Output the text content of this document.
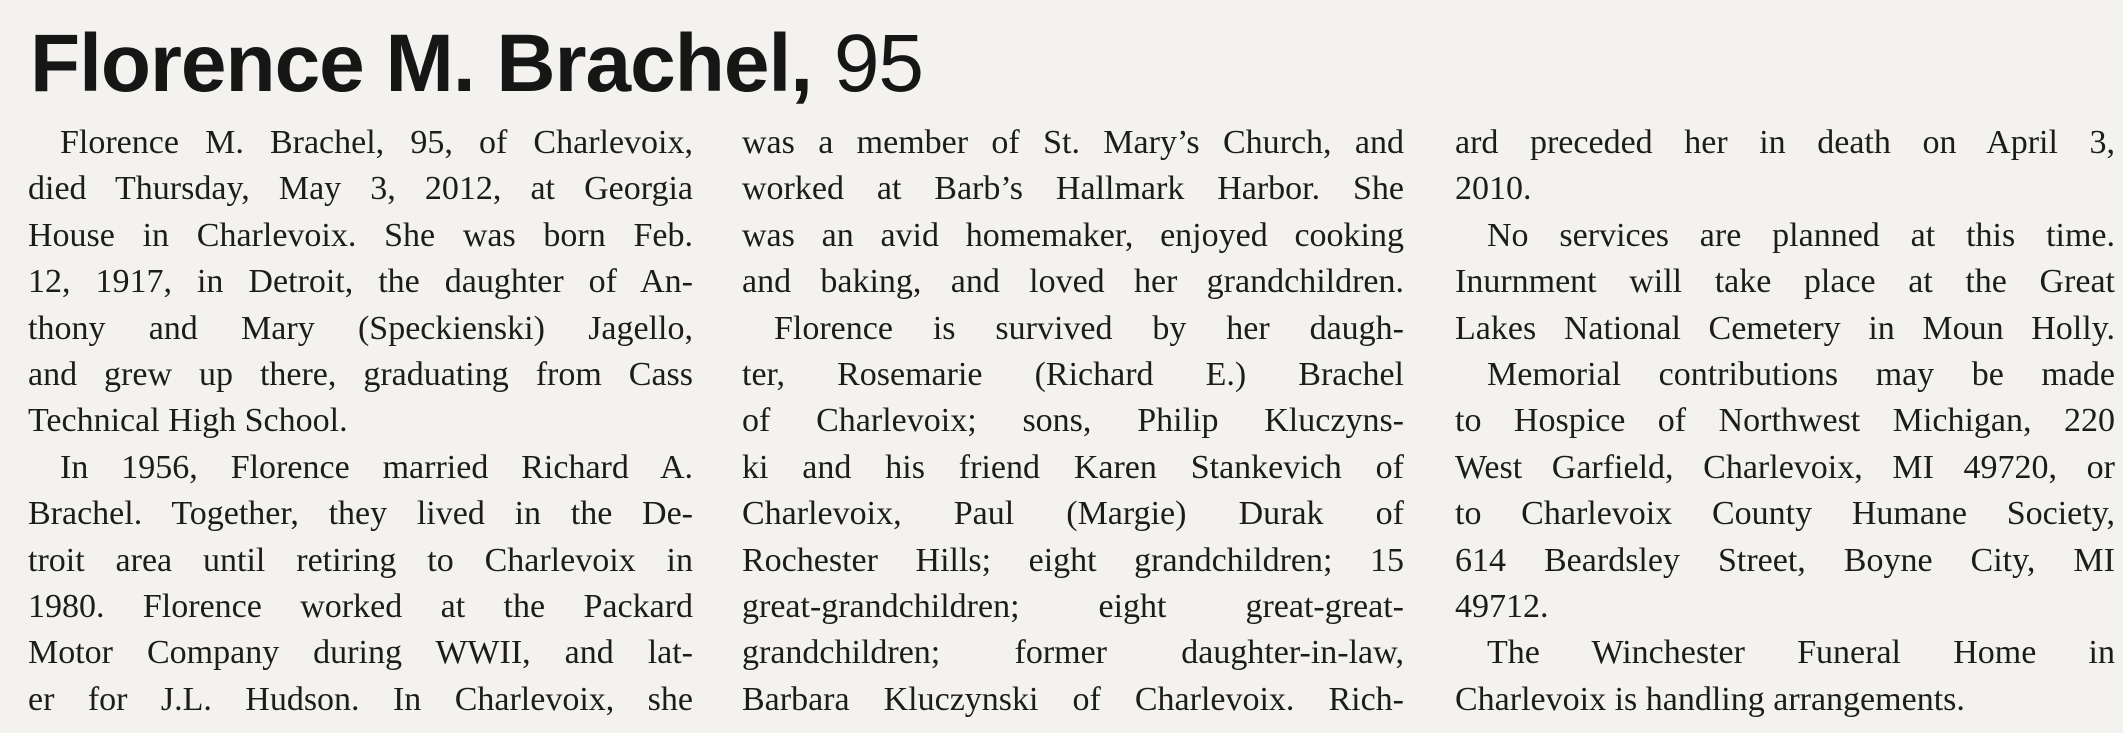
Florence M. Brachel, 95
Florence M. Brachel, 95, of Charlevoix,
died Thursday, May 3, 2012, at Georgia
House in Charlevoix. She was born Feb.
12, 1917, in Detroit, the daughter of An-
thony and Mary (Speckienski) Jagello,
and grew up there, graduating from Cass
Technical High School.
In 1956, Florence married Richard A.
Brachel. Together, they lived in the De-
troit area until retiring to Charlevoix in
1980. Florence worked at the Packard
Motor Company during WWII, and lat-
er for J.L. Hudson. In Charlevoix, she
was a member of St. Mary’s Church, and
worked at Barb’s Hallmark Harbor. She
was an avid homemaker, enjoyed cooking
and baking, and loved her grandchildren.
Florence is survived by her daugh-
ter, Rosemarie (Richard E.) Brachel
of Charlevoix; sons, Philip Kluczyns-
ki and his friend Karen Stankevich of
Charlevoix, Paul (Margie) Durak of
Rochester Hills; eight grandchildren; 15
great-grandchildren; eight great-great-
grandchildren; former daughter-in-law,
Barbara Kluczynski of Charlevoix. Rich-
ard preceded her in death on April 3,
2010.
No services are planned at this time.
Inurnment will take place at the Great
Lakes National Cemetery in Moun Holly.
Memorial contributions may be made
to Hospice of Northwest Michigan, 220
West Garfield, Charlevoix, MI 49720, or
to Charlevoix County Humane Society,
614 Beardsley Street, Boyne City, MI
49712.
The Winchester Funeral Home in
Charlevoix is handling arrangements.
